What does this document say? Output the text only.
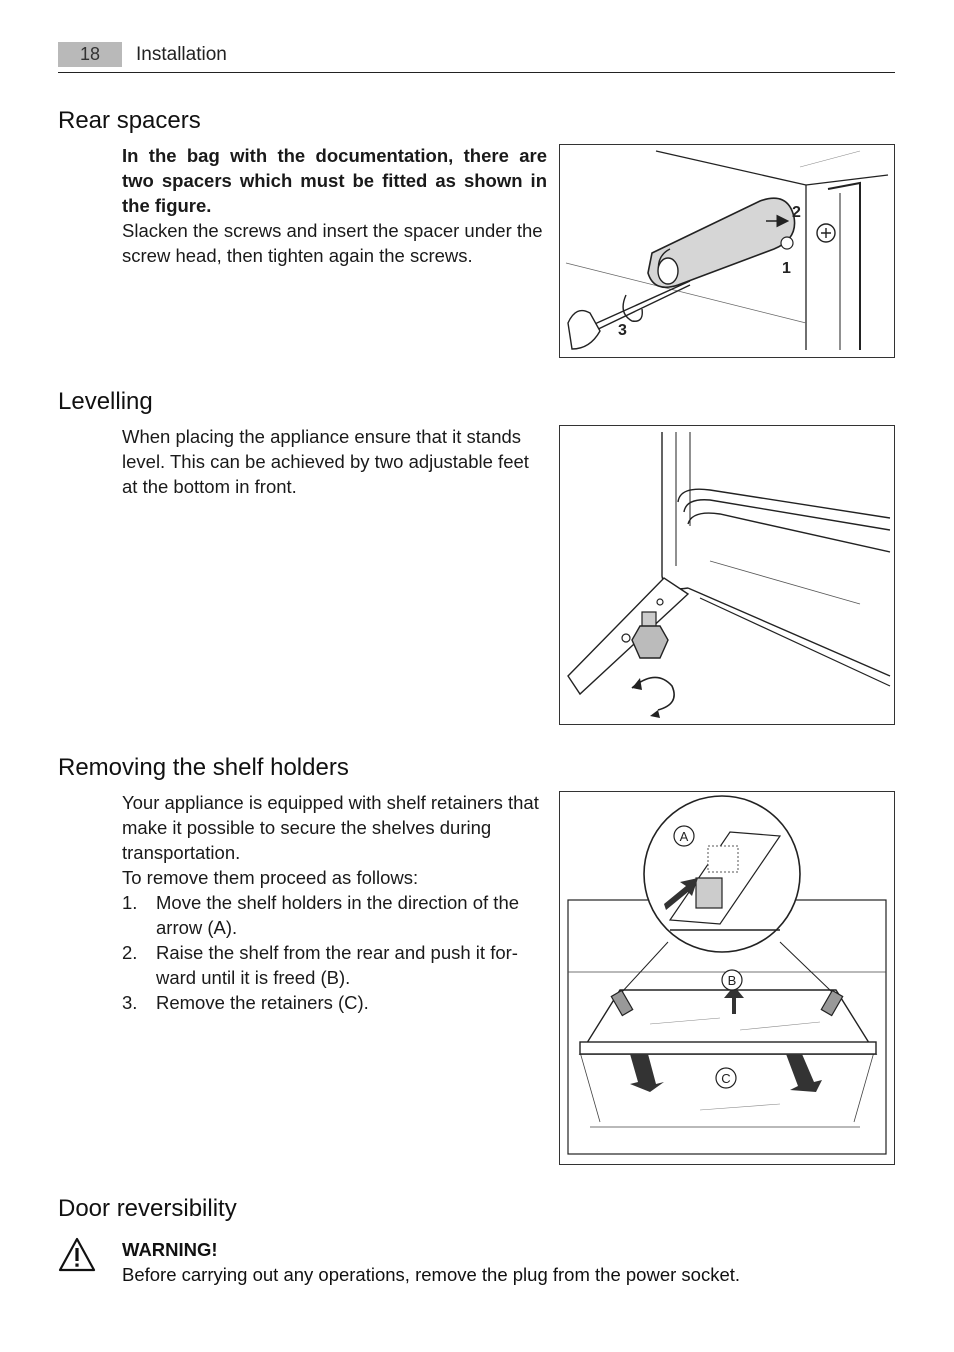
18	Installation
Rear spacers

In the bag with the documentation, there are two spacers which must be fitted as shown in the figure.

Slacken the screws and insert the spacer under the screw head, then tighten again the screws.

2
1
3
Levelling

When placing the appliance ensure that it stands level. This can be achieved by two adjustable feet at the bottom in front.

Removing the shelf holders

Your appliance is equipped with shelf retainers that make it possible to secure the shelves during transportation.

To remove them proceed as follows:

1. Move the shelf holders in the direction of the arrow (A).
2. Raise the shelf from the rear and push it for-ward until it is freed (B).
3. Remove the retainers (C).
A
B
C
Door reversibility
WARNING!
Before carrying out any operations, remove the plug from the power socket.
